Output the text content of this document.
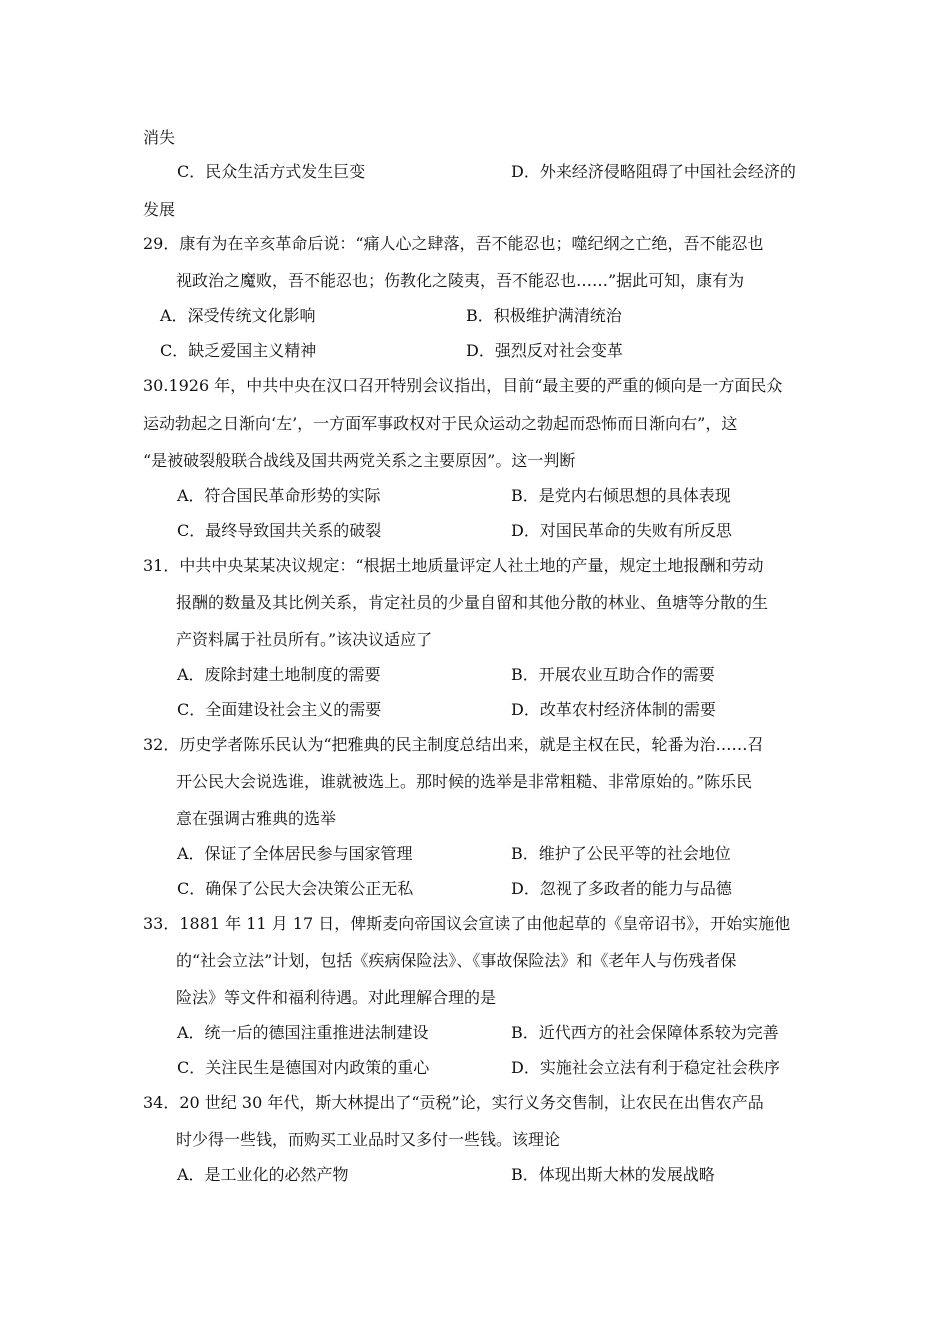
消失
C．民众生活方式发生巨变	D．外来经济侵略阻碍了中国社会经济的
发展
29．康有为在辛亥革命后说：“痛人心之肆落，吾不能忍也；噬纪纲之亡绝，吾不能忍也
视政治之魔败，吾不能忍也；伤教化之陵夷，吾不能忍也……”据此可知，康有为
A．深受传统文化影响	B．积极维护满清统治
C．缺乏爱国主义精神	D．强烈反对社会变革
30.1926 年，中共中央在汉口召开特别会议指出，目前“最主要的严重的倾向是一方面民众
运动勃起之日渐向‘左’，一方面军事政权对于民众运动之勃起而恐怖而日渐向右”，这
“是被破裂般联合战线及国共两党关系之主要原因”。这一判断
A．符合国民革命形势的实际	B．是党内右倾思想的具体表现
C．最终导致国共关系的破裂	D．对国民革命的失败有所反思
31．中共中央某某决议规定：“根据土地质量评定人社土地的产量，规定土地报酬和劳动
报酬的数量及其比例关系，肯定社员的少量自留和其他分散的林业、鱼塘等分散的生
产资料属于社员所有。”该决议适应了
A．废除封建土地制度的需要	B．开展农业互助合作的需要
C．全面建设社会主义的需要	D．改革农村经济体制的需要
32．历史学者陈乐民认为“把雅典的民主制度总结出来，就是主权在民，轮番为治……召
开公民大会说选谁，谁就被选上。那时候的选举是非常粗糙、非常原始的。”陈乐民
意在强调古雅典的选举
A．保证了全体居民参与国家管理	B．维护了公民平等的社会地位
C．确保了公民大会决策公正无私	D．忽视了多政者的能力与品德
33．1881 年 11 月 17 日，俾斯麦向帝国议会宣读了由他起草的《皇帝诏书》，开始实施他
的“社会立法”计划，包括《疾病保险法》、《事故保险法》和《老年人与伤残者保
险法》等文件和福利待遇。对此理解合理的是
A．统一后的德国注重推进法制建设	B．近代西方的社会保障体系较为完善
C．关注民生是德国对内政策的重心	D．实施社会立法有利于稳定社会秩序
34．20 世纪 30 年代，斯大林提出了“贡税”论，实行义务交售制，让农民在出售农产品
时少得一些钱，而购买工业品时又多付一些钱。该理论
A．是工业化的必然产物	B．体现出斯大林的发展战略
